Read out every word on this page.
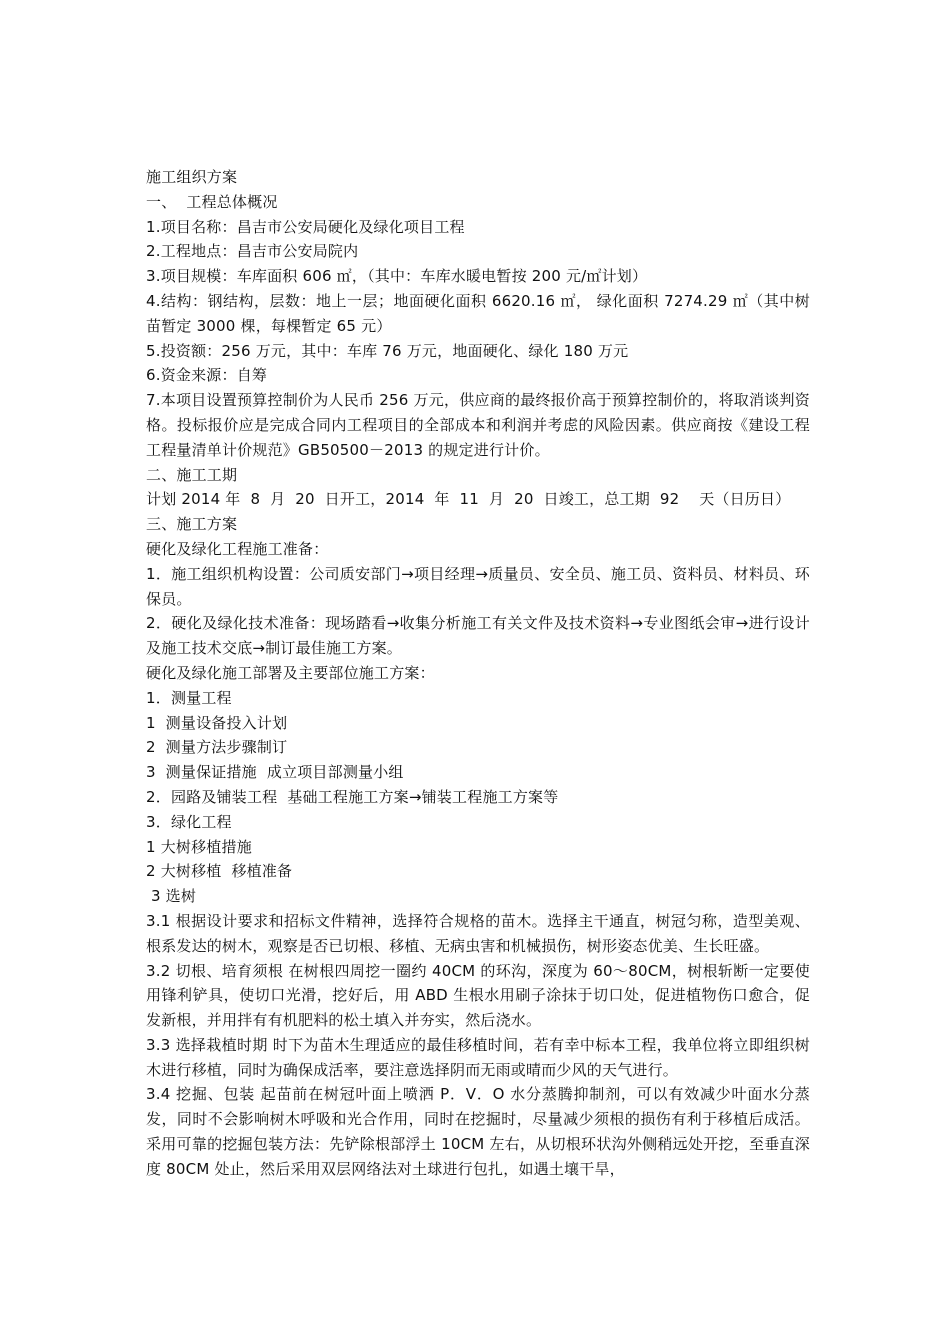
施工组织方案
一、  工程总体概况
1.项目名称：昌吉市公安局硬化及绿化项目工程
2.工程地点：昌吉市公安局院内
3.项目规模：车库面积 606 ㎡，（其中：车库水暖电暂按 200 元/㎡计划）
4.结构：钢结构，层数：地上一层；地面硬化面积 6620.16 ㎡， 绿化面积 7274.29 ㎡（其中树苗暂定 3000 棵，每棵暂定 65 元）
5.投资额：256 万元，其中：车库 76 万元，地面硬化、绿化 180 万元
6.资金来源：自筹
7.本项目设置预算控制价为人民币 256 万元，供应商的最终报价高于预算控制价的，将取消谈判资格。投标报价应是完成合同内工程项目的全部成本和利润并考虑的风险因素。供应商按《建设工程工程量清单计价规范》GB50500－2013 的规定进行计价。
二、施工工期
计划 2014 年  8  月  20  日开工，2014  年  11  月  20  日竣工，总工期  92    天（日历日）
三、施工方案
硬化及绿化工程施工准备：
1．施工组织机构设置：公司质安部门→项目经理→质量员、安全员、施工员、资料员、材料员、环保员。
2．硬化及绿化技术准备：现场踏看→收集分析施工有关文件及技术资料→专业图纸会审→进行设计及施工技术交底→制订最佳施工方案。
硬化及绿化施工部署及主要部位施工方案：
1．测量工程
1  测量设备投入计划
2  测量方法步骤制订
3  测量保证措施  成立项目部测量小组
2．园路及铺装工程  基础工程施工方案→铺装工程施工方案等
3．绿化工程
1 大树移植措施
2 大树移植  移植准备
3 选树
3.1 根据设计要求和招标文件精神，选择符合规格的苗木。选择主干通直，树冠匀称，造型美观、根系发达的树木，观察是否已切根、移植、无病虫害和机械损伤，树形姿态优美、生长旺盛。
3.2 切根、培育须根 在树根四周挖一圈约 40CM 的环沟，深度为 60～80CM，树根斩断一定要使用锋利铲具，使切口光滑，挖好后，用 ABD 生根水用刷子涂抹于切口处，促进植物伤口愈合，促发新根，并用拌有有机肥料的松土填入并夯实，然后浇水。
3.3 选择栽植时期 时下为苗木生理适应的最佳移植时间，若有幸中标本工程，我单位将立即组织树木进行移植，同时为确保成活率，要注意选择阴而无雨或晴而少风的天气进行。
3.4 挖掘、包装 起苗前在树冠叶面上喷洒 P．V．O 水分蒸腾抑制剂，可以有效减少叶面水分蒸发，同时不会影响树木呼吸和光合作用，同时在挖掘时，尽量减少须根的损伤有利于移植后成活。 采用可靠的挖掘包装方法：先铲除根部浮土 10CM 左右，从切根环状沟外侧稍远处开挖，至垂直深度 80CM 处止，然后采用双层网络法对土球进行包扎，如遇土壤干旱，
